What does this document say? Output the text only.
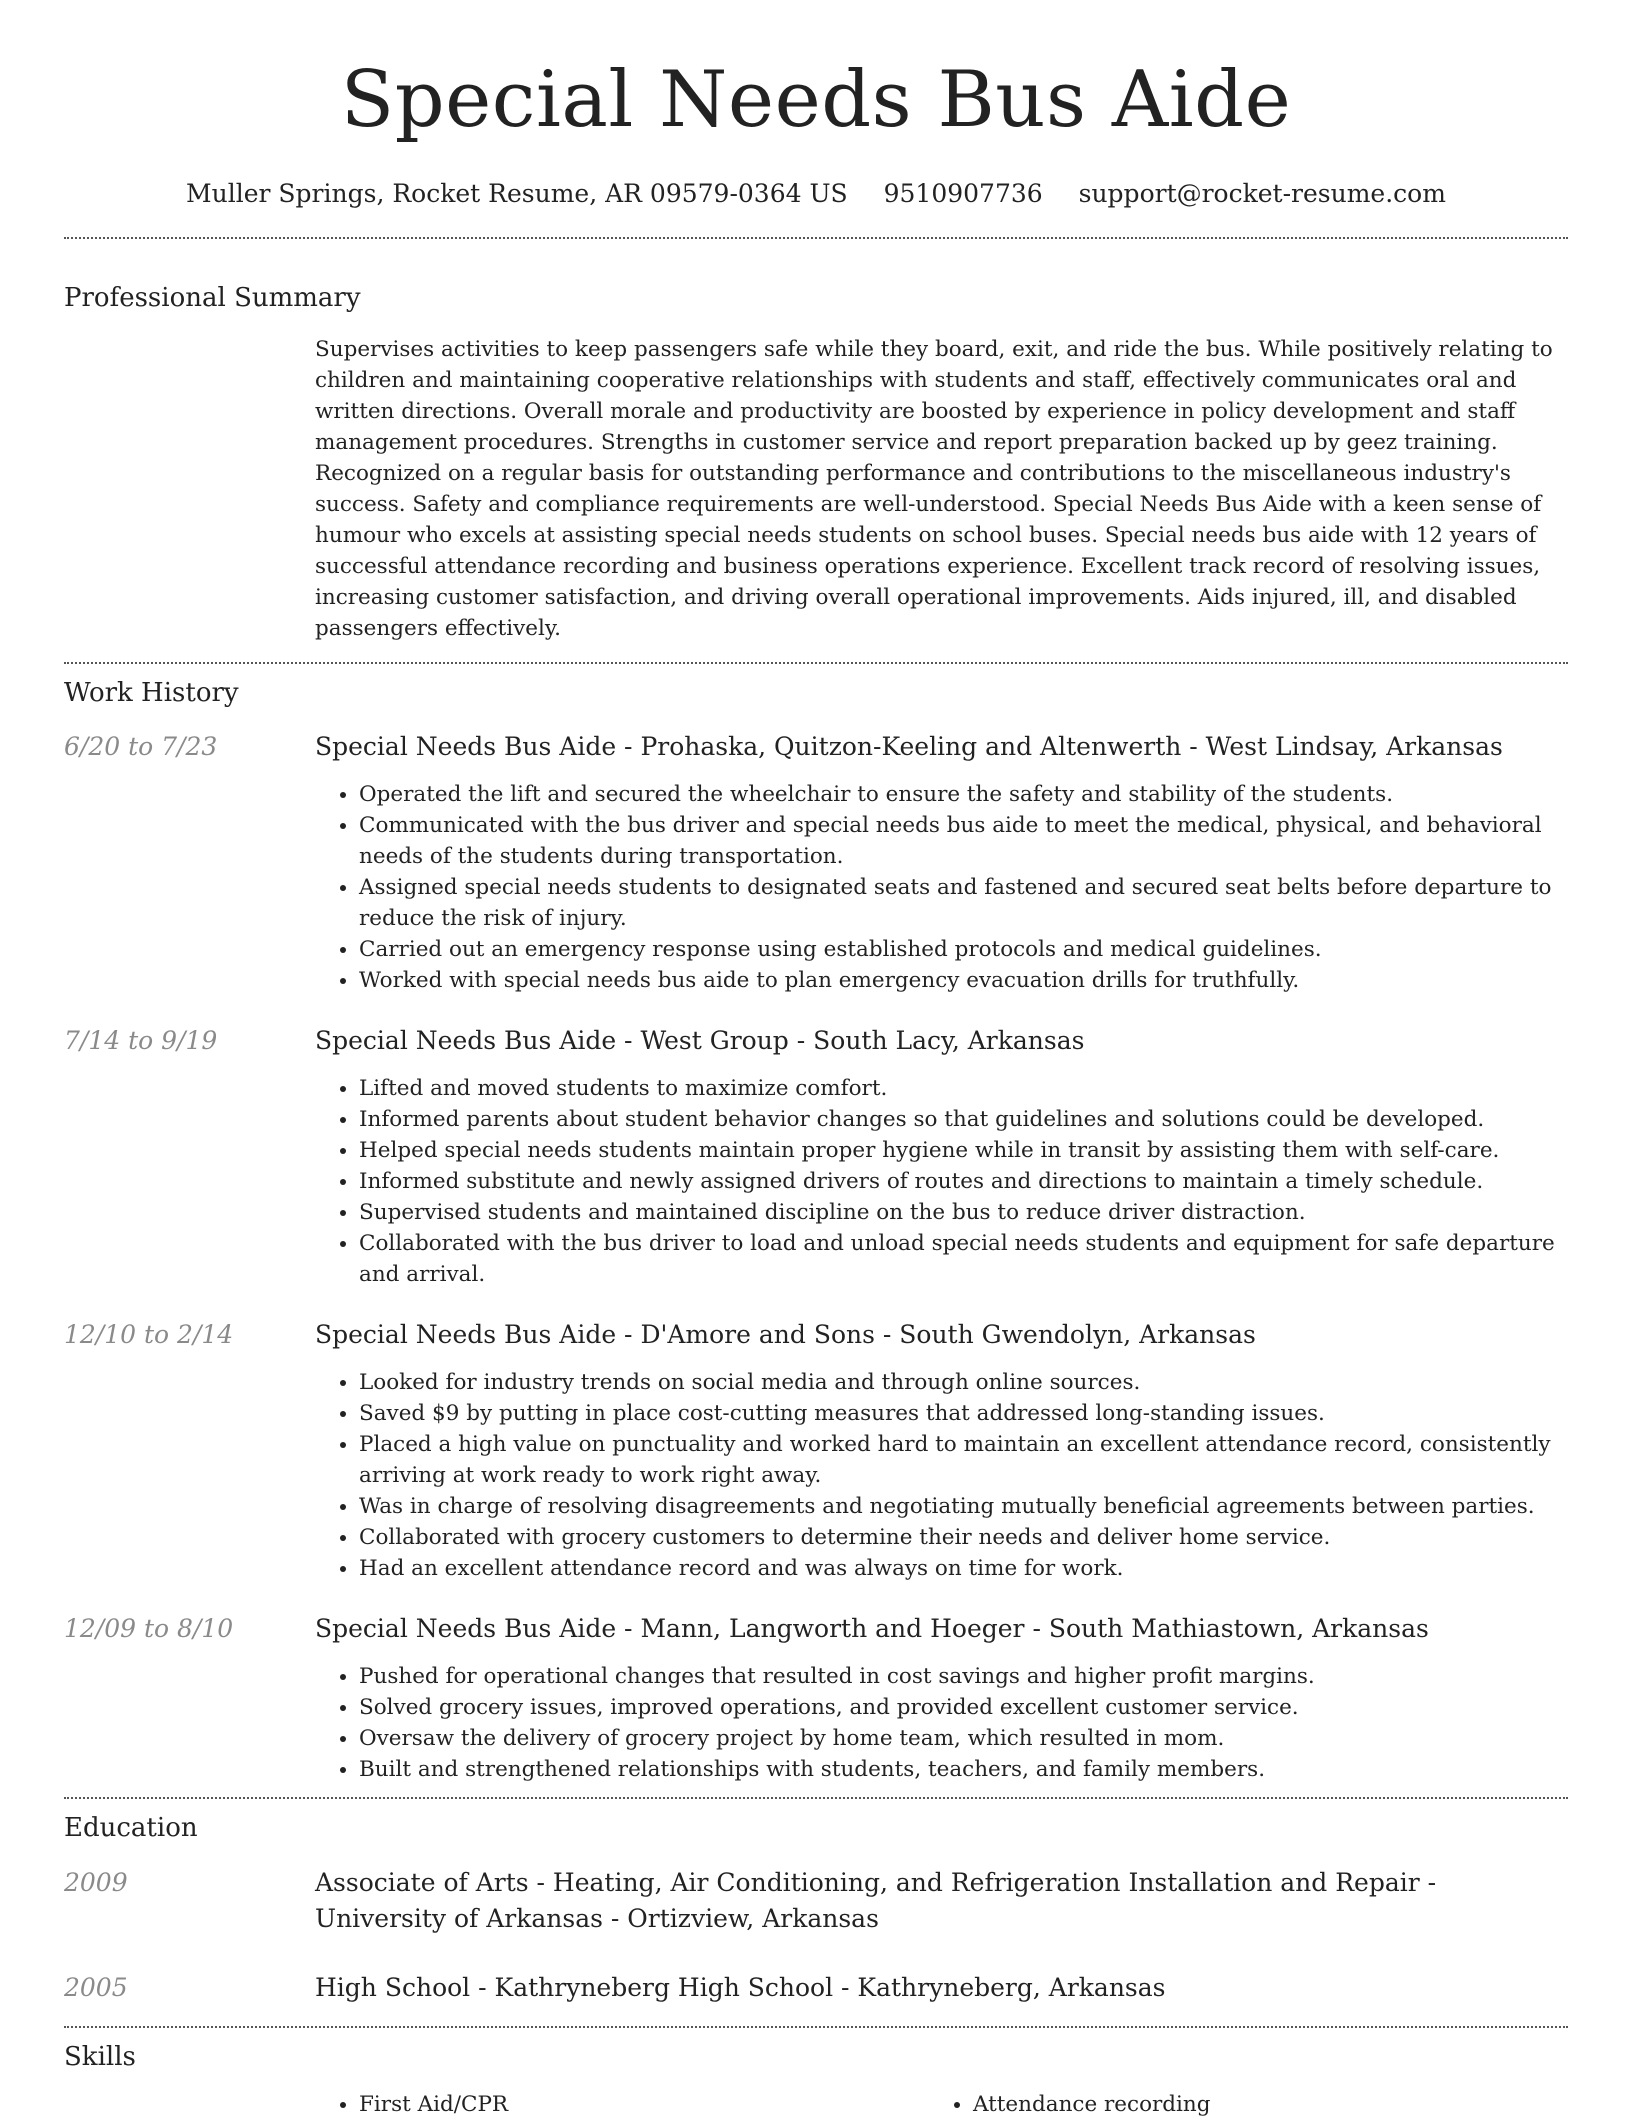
Special Needs Bus Aide
Muller Springs, Rocket Resume, AR 09579-0364 US 9510907736 support@rocket-resume.com
Professional Summary
Supervises activities to keep passengers safe while they board, exit, and ride the bus. While positively relating to children and maintaining cooperative relationships with students and staff, effectively communicates oral and written directions. Overall morale and productivity are boosted by experience in policy development and staff management procedures. Strengths in customer service and report preparation backed up by geez training. Recognized on a regular basis for outstanding performance and contributions to the miscellaneous industry's success. Safety and compliance requirements are well-understood. Special Needs Bus Aide with a keen sense of humour who excels at assisting special needs students on school buses. Special needs bus aide with 12 years of successful attendance recording and business operations experience. Excellent track record of resolving issues, increasing customer satisfaction, and driving overall operational improvements. Aids injured, ill, and disabled passengers effectively.
Work History
6/20 to 7/23	Special Needs Bus Aide - Prohaska, Quitzon-Keeling and Altenwerth - West Lindsay, Arkansas
• Operated the lift and secured the wheelchair to ensure the safety and stability of the students.
• Communicated with the bus driver and special needs bus aide to meet the medical, physical, and behavioral needs of the students during transportation.
• Assigned special needs students to designated seats and fastened and secured seat belts before departure to reduce the risk of injury.
• Carried out an emergency response using established protocols and medical guidelines.
• Worked with special needs bus aide to plan emergency evacuation drills for truthfully.
7/14 to 9/19	Special Needs Bus Aide - West Group - South Lacy, Arkansas
• Lifted and moved students to maximize comfort.
• Informed parents about student behavior changes so that guidelines and solutions could be developed.
• Helped special needs students maintain proper hygiene while in transit by assisting them with self-care.
• Informed substitute and newly assigned drivers of routes and directions to maintain a timely schedule.
• Supervised students and maintained discipline on the bus to reduce driver distraction.
• Collaborated with the bus driver to load and unload special needs students and equipment for safe departure and arrival.
12/10 to 2/14	Special Needs Bus Aide - D'Amore and Sons - South Gwendolyn, Arkansas
• Looked for industry trends on social media and through online sources.
• Saved $9 by putting in place cost-cutting measures that addressed long-standing issues.
• Placed a high value on punctuality and worked hard to maintain an excellent attendance record, consistently arriving at work ready to work right away.
• Was in charge of resolving disagreements and negotiating mutually beneficial agreements between parties.
• Collaborated with grocery customers to determine their needs and deliver home service.
• Had an excellent attendance record and was always on time for work.
12/09 to 8/10	Special Needs Bus Aide - Mann, Langworth and Hoeger - South Mathiastown, Arkansas
• Pushed for operational changes that resulted in cost savings and higher profit margins.
• Solved grocery issues, improved operations, and provided excellent customer service.
• Oversaw the delivery of grocery project by home team, which resulted in mom.
• Built and strengthened relationships with students, teachers, and family members.
Education
2009	Associate of Arts - Heating, Air Conditioning, and Refrigeration Installation and Repair - University of Arkansas - Ortizview, Arkansas
2005	High School - Kathryneberg High School - Kathryneberg, Arkansas
Skills
• First Aid/CPR
•	Attendance recording
